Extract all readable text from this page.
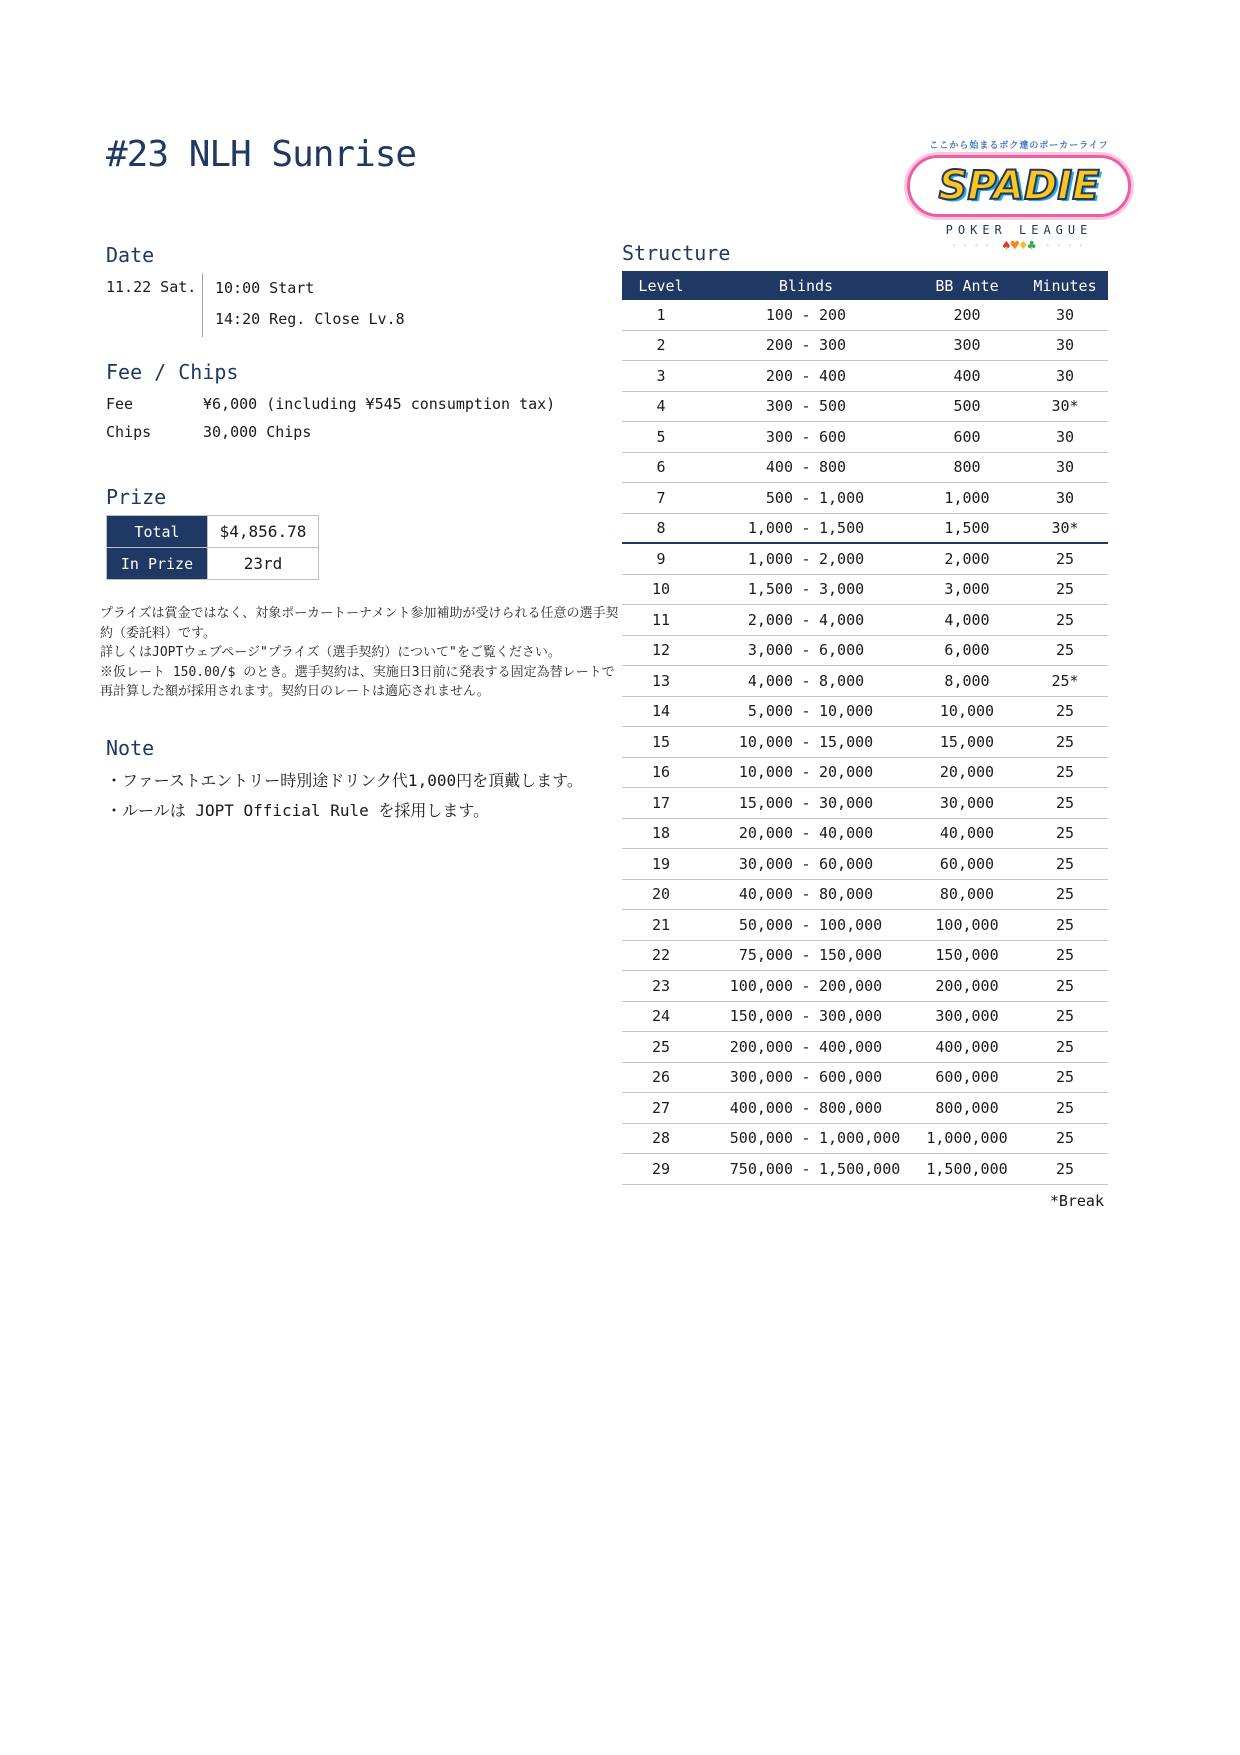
#23 NLH Sunrise	ここから始まるボク達のポーカーライフ
SPADIE
POKER LEAGUE
・・・・ ♠♥♦♣ ・・・・
Date
11.22 Sat.	10:00 Start
14:20 Reg. Close Lv.8
Fee / Chips
Fee	¥6,000 (including ¥545 consumption tax)
Chips	30,000 Chips
Prize
Total	$4,856.78
In Prize	23rd

プライズは賞金ではなく、対象ポーカートーナメント参加補助が受けられる任意の選手契約（委託料）です。

詳しくはJOPTウェブページ"プライズ（選手契約）について"をご覧ください。

※仮レート 150.00/$ のとき。選手契約は、実施日3日前に発表する固定為替レートで再計算した額が採用されます。契約日のレートは適応されません。

Note
・ ファーストエントリー時別途ドリンク代1,000円を頂戴します。
・ ルールは JOPT Official Rule を採用します。
Structure
Level	Blinds	BB Ante	Minutes
1	100 - 200	200	30
2	200 - 300	300	30
3	200 - 400	400	30
4	300 - 500	500	30*
5	300 - 600	600	30
6	400 - 800	800	30
7	500 - 1,000	1,000	30
8	1,000 - 1,500	1,500	30*
9	1,000 - 2,000	2,000	25
10	1,500 - 3,000	3,000	25
11	2,000 - 4,000	4,000	25
12	3,000 - 6,000	6,000	25
13	4,000 - 8,000	8,000	25*
14	5,000 - 10,000	10,000	25
15	10,000 - 15,000	15,000	25
16	10,000 - 20,000	20,000	25
17	15,000 - 30,000	30,000	25
18	20,000 - 40,000	40,000	25
19	30,000 - 60,000	60,000	25
20	40,000 - 80,000	80,000	25
21	50,000 - 100,000	100,000	25
22	75,000 - 150,000	150,000	25
23	100,000 - 200,000	200,000	25
24	150,000 - 300,000	300,000	25
25	200,000 - 400,000	400,000	25
26	300,000 - 600,000	600,000	25
27	400,000 - 800,000	800,000	25
28	500,000 - 1,000,000	1,000,000	25
29	750,000 - 1,500,000	1,500,000	25
*Break
